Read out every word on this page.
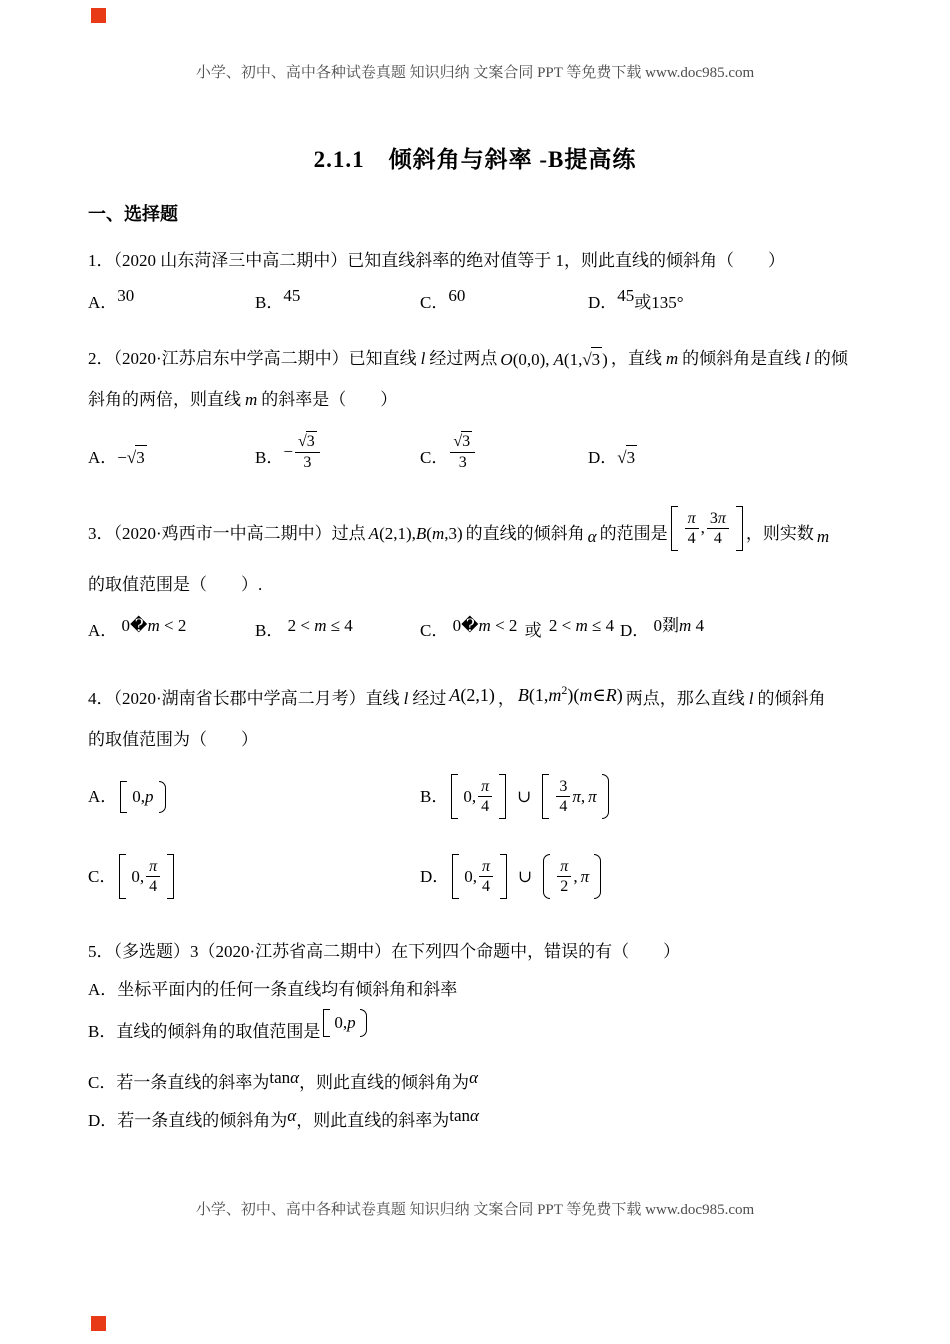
小学、初中、高中各种试卷真题 知识归纳 文案合同 PPT 等免费下载 www.doc985.com
2.1.1　倾斜角与斜率 -B提高练
一、选择题
1．（2020 山东菏泽三中高二期中）已知直线斜率的绝对值等于 1，则此直线的倾斜角（　　）
A．30	B．45	C．60	D．45或135°
2．（2020·江苏启东中学高二期中）已知直线 l 经过两点 O (0,0), A (1, √ 3 ) ，直线 m 的倾斜角是直线 l 的倾
斜角的两倍，则直线 m 的斜率是（　　）
A． − √ 3	B． − $\frac{√ 3}{3}$	C． $\frac{√ 3}{3}$	D． √ 3
3．（2020·鸡西市一中高二期中）过点 A (2,1), B ( m ,3) 的直线的倾斜角 α 的范围是 $\frac{\pi}{4}$ , $\frac{3 \pi}{4}$ ，则实数 m
的取值范围是（　　）.
A． 0�m < 2	B． 2 < m ≤ 4	C． 0�m < 2 或 2 < m ≤ 4 D． 0剟m 4
4．（2020·湖南省长郡中学高二月考）直线 l 经过 A (2,1) ， B (1, m 2 )( m ∈ R ) 两点，那么直线 l 的倾斜角
的取值范围为（　　）
A． 0, p	B． 0, $\frac{\pi}{4}$ ∪ $\frac{3}{4}$ π , π
C． 0, $\frac{\pi}{4}$	D． 0, $\frac{\pi}{4}$ ∪ $\frac{\pi}{2}$ , π
5．（多选题）3（2020·江苏省高二期中）在下列四个命题中，错误的有（　　）
A．坐标平面内的任何一条直线均有倾斜角和斜率
B． 直线的倾斜角的取值范围是 0, p
C．若一条直线的斜率为tanα，则此直线的倾斜角为α
D．若一条直线的倾斜角为α，则此直线的斜率为tanα
小学、初中、高中各种试卷真题 知识归纳 文案合同 PPT 等免费下载 www.doc985.com
